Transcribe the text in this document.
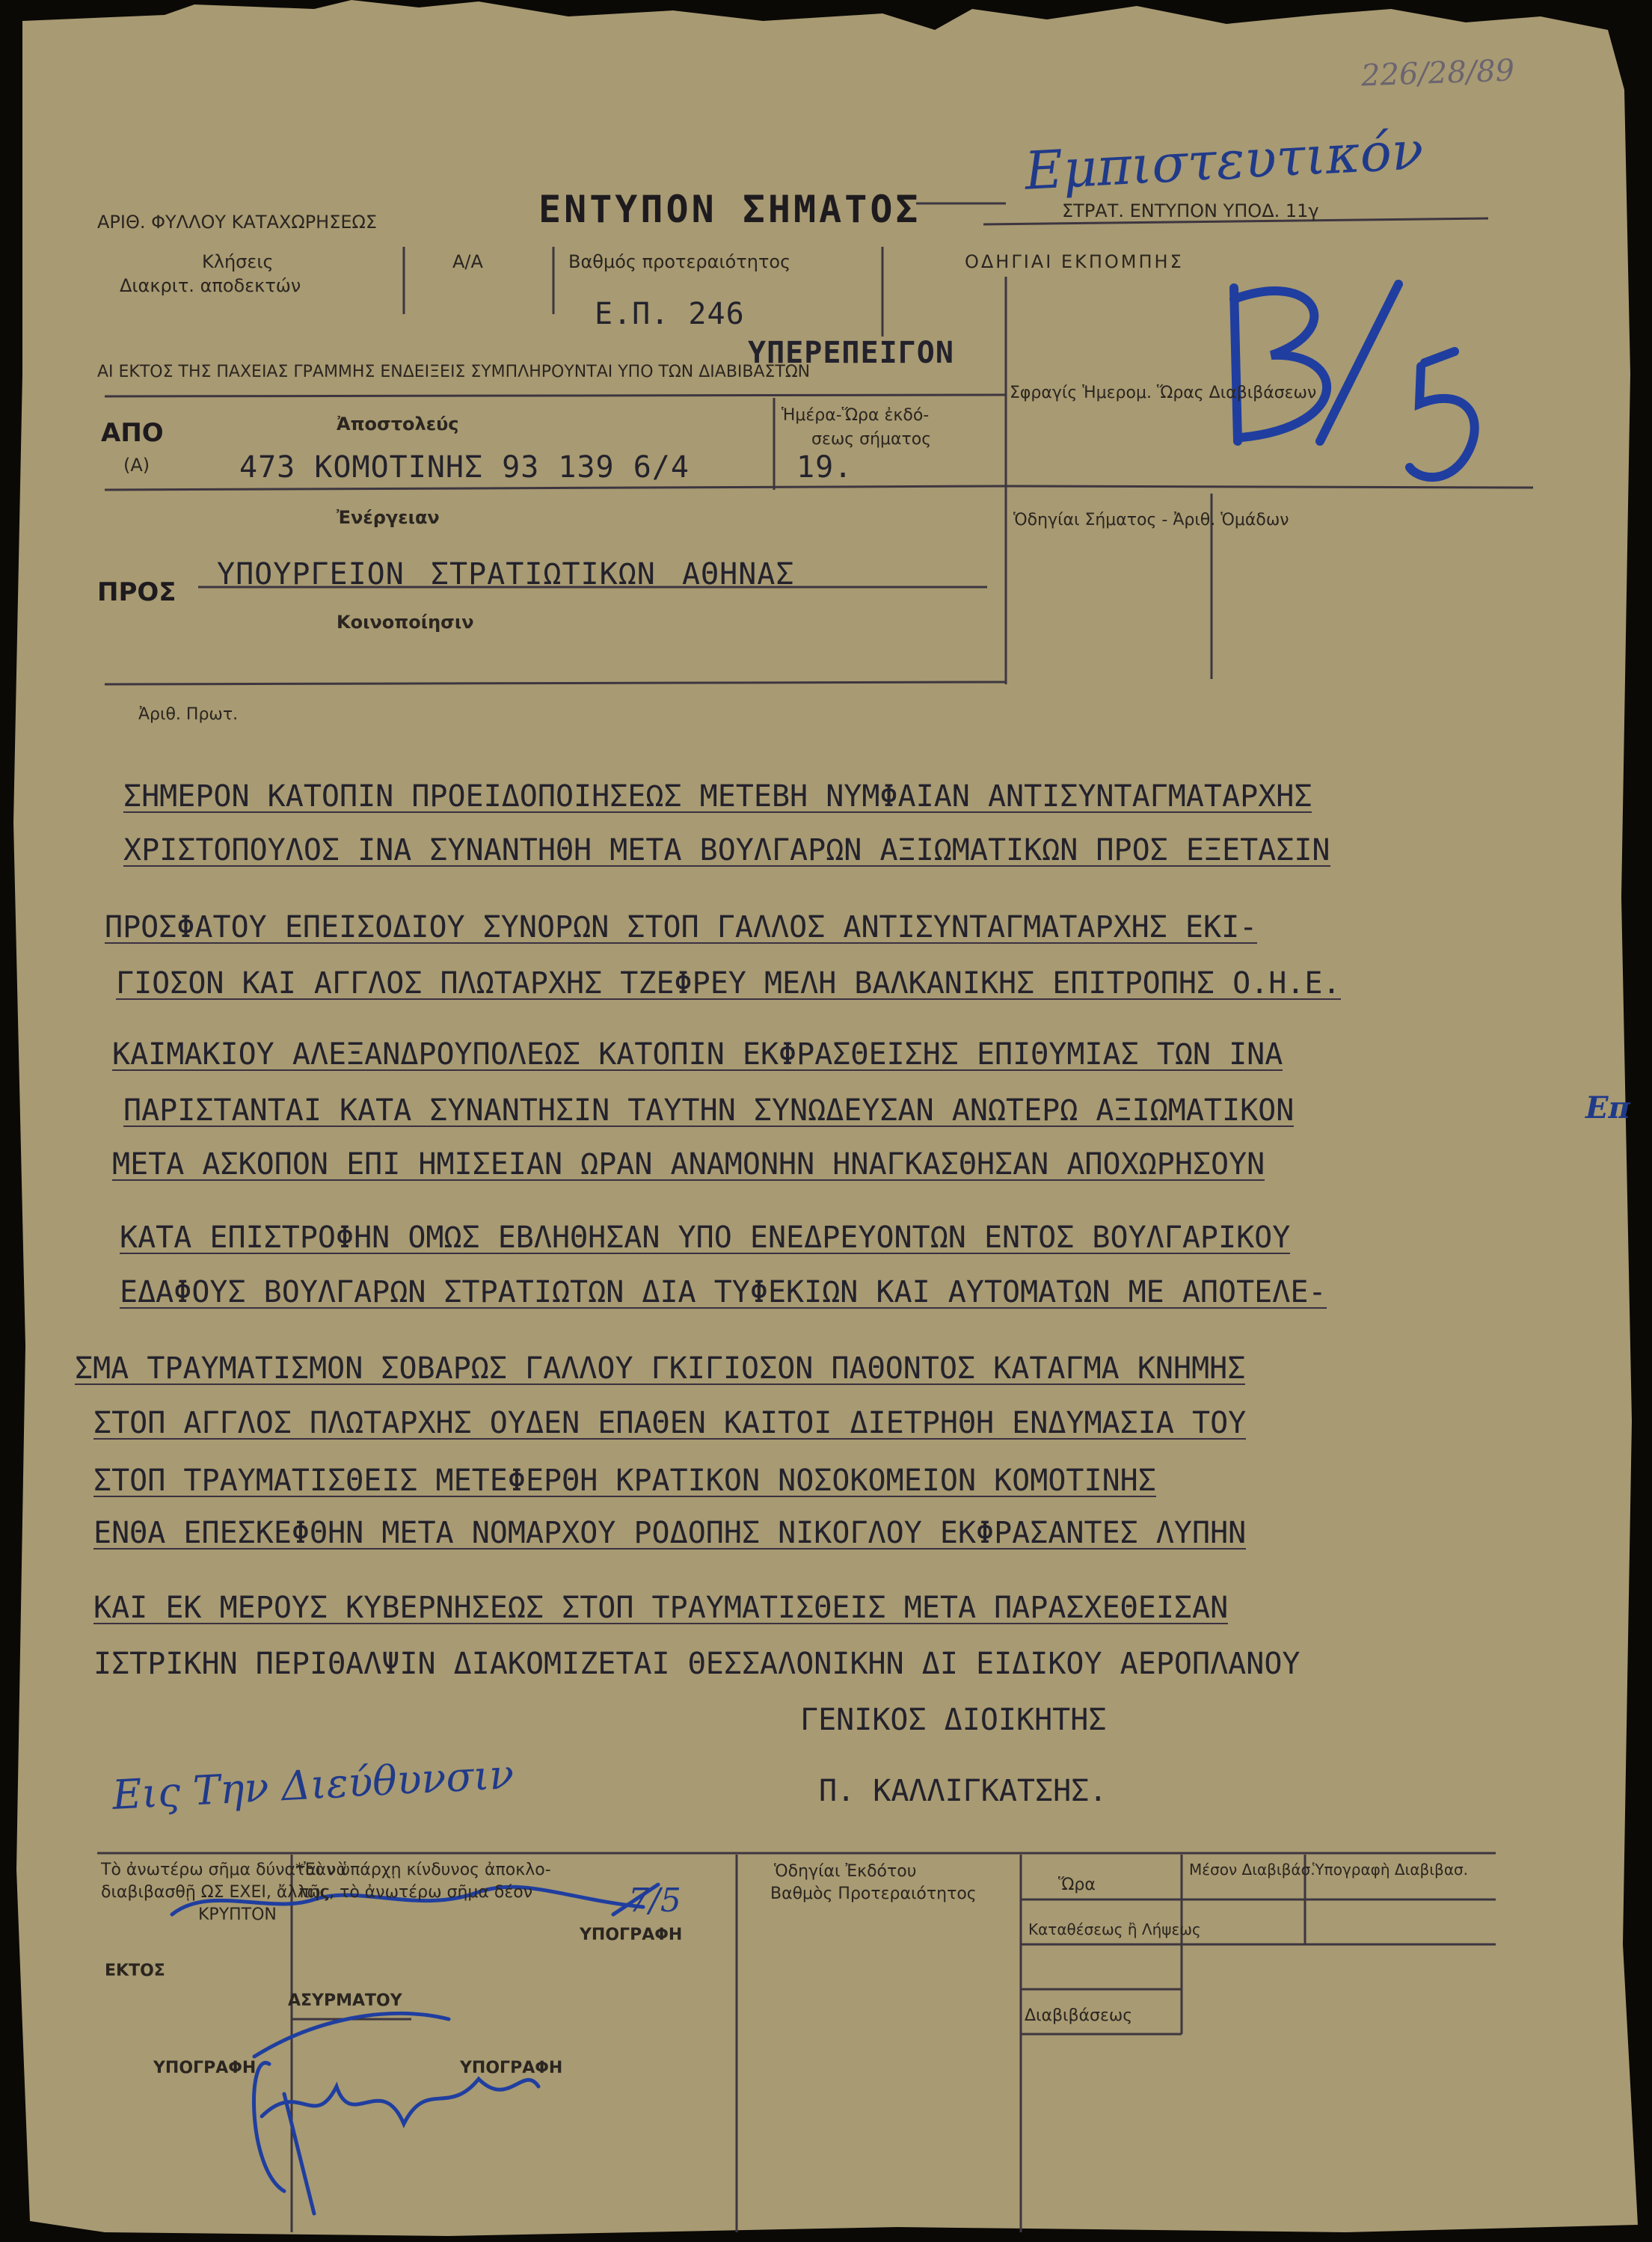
226/28/89
Εμπιστευτικόν
ΑΡΙΘ. ΦΥΛΛΟΥ ΚΑΤΑΧΩΡΗΣΕΩΣ	ΕΝΤΥΠΟΝ ΣΗΜΑΤΟΣ	ΣΤΡΑΤ. ΕΝΤΥΠΟΝ ΥΠΟΔ. 11γ
Κλήσεις
Διακριτ. αποδεκτών
Α/Α	Βαθμός προτεραιότητος	ΟΔΗΓΙΑΙ ΕΚΠΟΜΠΗΣ
Ε.Π. 246
ΑΙ ΕΚΤΟΣ ΤΗΣ ΠΑΧΕΙΑΣ ΓΡΑΜΜΗΣ ΕΝΔΕΙΞΕΙΣ ΣΥΜΠΛΗΡΟΥΝΤΑΙ ΥΠΟ ΤΩΝ ΔΙΑΒΙΒΑΣΤΩΝ
ΥΠΕΡΕΠΕΙΓΟΝ
Σφραγίς Ἡμερομ. Ὥρας Διαβιβάσεων
ΑΠΟ
(Α)
Ἀποστολεύς
473 ΚΟΜΟΤΙΝΗΣ 93 139 6/4
Ἡμέρα-Ὥρα ἐκδό-
σεως σήματος
19.
Ἐνέργειαν
ΠΡΟΣ
ΥΠΟΥΡΓΕΙΟΝ ΣΤΡΑΤΙΩΤΙΚΩΝ ΑΘΗΝΑΣ
Κοινοποίησιν
Ὁδηγίαι Σήματος - Ἀριθ. Ὁμάδων
Ἀριθ. Πρωτ.
ΣΗΜΕΡΟΝ ΚΑΤΟΠΙΝ ΠΡΟΕΙΔΟΠΟΙΗΣΕΩΣ ΜΕΤΕΒΗ ΝΥΜΦΑΙΑΝ ΑΝΤΙΣΥΝΤΑΓΜΑΤΑΡΧΗΣ
ΧΡΙΣΤΟΠΟΥΛΟΣ ΙΝΑ ΣΥΝΑΝΤΗΘΗ ΜΕΤΑ ΒΟΥΛΓΑΡΩΝ ΑΞΙΩΜΑΤΙΚΩΝ ΠΡΟΣ ΕΞΕΤΑΣΙΝ
ΠΡΟΣΦΑΤΟΥ ΕΠΕΙΣΟΔΙΟΥ ΣΥΝΟΡΩΝ ΣΤΟΠ ΓΑΛΛΟΣ ΑΝΤΙΣΥΝΤΑΓΜΑΤΑΡΧΗΣ ΕΚΙ-
ΓΙΟΣΟΝ ΚΑΙ ΑΓΓΛΟΣ ΠΛΩΤΑΡΧΗΣ ΤΖΕΦΡΕΥ ΜΕΛΗ ΒΑΛΚΑΝΙΚΗΣ ΕΠΙΤΡΟΠΗΣ Ο.Η.Ε.
ΚΑΙΜΑΚΙΟΥ ΑΛΕΞΑΝΔΡΟΥΠΟΛΕΩΣ ΚΑΤΟΠΙΝ ΕΚΦΡΑΣΘΕΙΣΗΣ ΕΠΙΘΥΜΙΑΣ ΤΩΝ ΙΝΑ
ΠΑΡΙΣΤΑΝΤΑΙ ΚΑΤΑ ΣΥΝΑΝΤΗΣΙΝ ΤΑΥΤΗΝ ΣΥΝΩΔΕΥΣΑΝ ΑΝΩΤΕΡΩ ΑΞΙΩΜΑΤΙΚΟΝ
ΜΕΤΑ ΑΣΚΟΠΟΝ ΕΠΙ ΗΜΙΣΕΙΑΝ ΩΡΑΝ ΑΝΑΜΟΝΗΝ ΗΝΑΓΚΑΣΘΗΣΑΝ ΑΠΟΧΩΡΗΣΟΥΝ
ΚΑΤΑ ΕΠΙΣΤΡΟΦΗΝ ΟΜΩΣ ΕΒΛΗΘΗΣΑΝ ΥΠΟ ΕΝΕΔΡΕΥΟΝΤΩΝ ΕΝΤΟΣ ΒΟΥΛΓΑΡΙΚΟΥ
ΕΔΑΦΟΥΣ ΒΟΥΛΓΑΡΩΝ ΣΤΡΑΤΙΩΤΩΝ ΔΙΑ ΤΥΦΕΚΙΩΝ ΚΑΙ ΑΥΤΟΜΑΤΩΝ ΜΕ ΑΠΟΤΕΛΕ-
ΣΜΑ ΤΡΑΥΜΑΤΙΣΜΟΝ ΣΟΒΑΡΩΣ ΓΑΛΛΟΥ ΓΚΙΓΙΟΣΟΝ ΠΑΘΟΝΤΟΣ ΚΑΤΑΓΜΑ ΚΝΗΜΗΣ
ΣΤΟΠ ΑΓΓΛΟΣ ΠΛΩΤΑΡΧΗΣ ΟΥΔΕΝ ΕΠΑΘΕΝ ΚΑΙΤΟΙ ΔΙΕΤΡΗΘΗ ΕΝΔΥΜΑΣΙΑ ΤΟΥ
ΣΤΟΠ ΤΡΑΥΜΑΤΙΣΘΕΙΣ ΜΕΤΕΦΕΡΘΗ ΚΡΑΤΙΚΟΝ ΝΟΣΟΚΟΜΕΙΟΝ ΚΟΜΟΤΙΝΗΣ
ΕΝΘΑ ΕΠΕΣΚΕΦΘΗΝ ΜΕΤΑ ΝΟΜΑΡΧΟΥ ΡΟΔΟΠΗΣ ΝΙΚΟΓΛΟΥ ΕΚΦΡΑΣΑΝΤΕΣ ΛΥΠΗΝ
ΚΑΙ ΕΚ ΜΕΡΟΥΣ ΚΥΒΕΡΝΗΣΕΩΣ ΣΤΟΠ ΤΡΑΥΜΑΤΙΣΘΕΙΣ ΜΕΤΑ ΠΑΡΑΣΧΕΘΕΙΣΑΝ
ΙΣΤΡΙΚΗΝ ΠΕΡΙΘΑΛΨΙΝ ΔΙΑΚΟΜΙΖΕΤΑΙ ΘΕΣΣΑΛΟΝΙΚΗΝ ΔΙ ΕΙΔΙΚΟΥ ΑΕΡΟΠΛΑΝΟΥ
Επ
ΓΕΝΙΚΟΣ ΔΙΟΙΚΗΤΗΣ
Π. ΚΑΛΛΙΓΚΑΤΣΗΣ.
Εις Την Διεύθυνσιν
Τὸ ἀνωτέρω σῆμα δύναται νὰ
διαβιβασθῇ ΩΣ ΕΧΕΙ, ἄλλως
ΚΡΥΠΤΟΝ
ΕΚΤΟΣ
ΥΠΟΓΡΑΦΗ
*Ἐὰν ὑπάρχῃ κίνδυνος ἀποκλο-
πῆς, τὸ ἀνωτέρω σῆμα δέον
ΥΠΟΓΡΑΦΗ
ΑΣΥΡΜΑΤΟΥ
ΥΠΟΓΡΑΦΗ
Ὁδηγίαι Ἐκδότου
Βαθμὸς Προτεραιότητος	Ὥρα
Καταθέσεως ἢ Λήψεως
Διαβιβάσεως
Μέσον Διαβιβάσ.
Ὑπογραφὴ Διαβιβασ.
7/5
